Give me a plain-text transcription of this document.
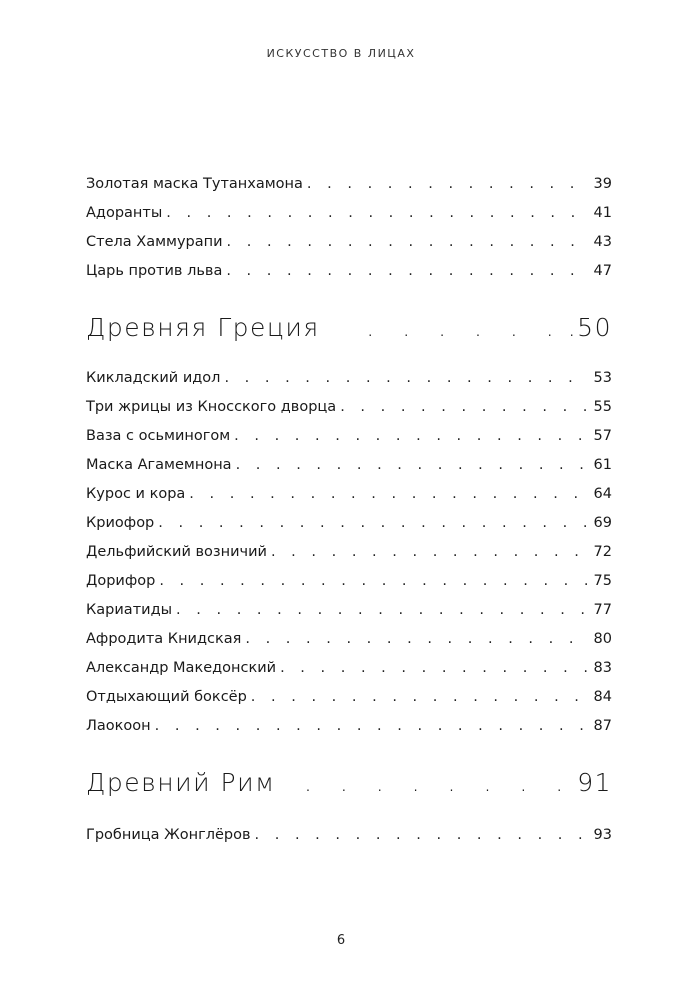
ИСКУССТВО В ЛИЦАХ
Золотая маска Тутанхамона . . .	39
Адоранты . . .	41
Стела Хаммурапи . . .	43
Царь против льва . . .	47
Древняя Греция . . .	.50
Кикладский идол . . .	53
Три жрицы из Кносского дворца . . .	55
Ваза с осьминогом . . .	57
Маска Агамемнона . . .	61
Курос и кора . . .	64
Криофор . . .	69
Дельфийский возничий . . .	72
Дорифор . . .	75
Кариатиды . . .	77
Афродита Книдская . . .	80
Александр Македонский . . .	83
Отдыхающий боксёр . . .	84
Лаокоон . . .	87
Древний Рим . . .	91
Гробница Жонглёров . . .	93
6
